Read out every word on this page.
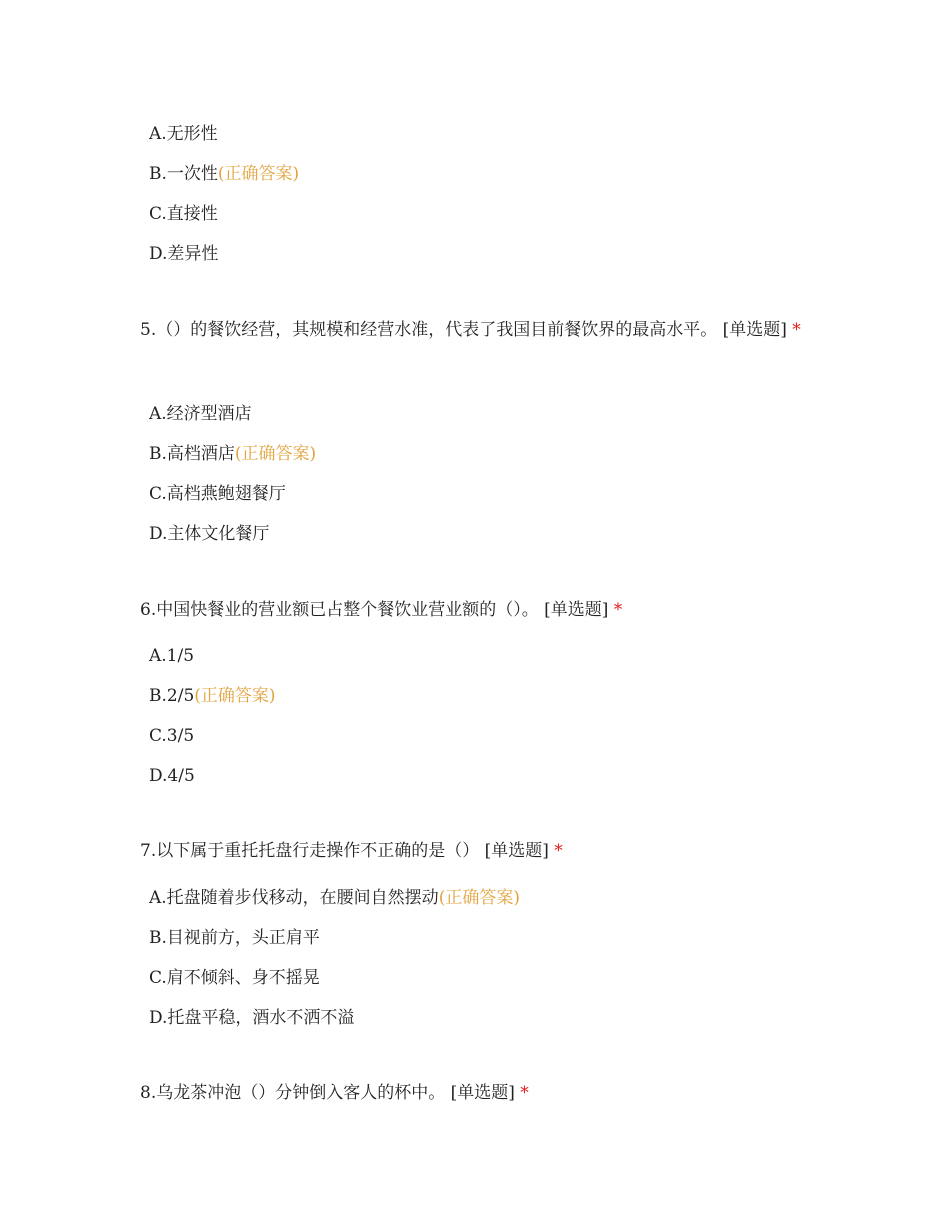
A.无形性
B.一次性(正确答案)
C.直接性
D.差异性
5.（）的餐饮经营，其规模和经营水准，代表了我国目前餐饮界的最高水平。 [单选题] *
A.经济型酒店
B.高档酒店(正确答案)
C.高档燕鲍翅餐厅
D.主体文化餐厅
6.中国快餐业的营业额已占整个餐饮业营业额的（）。 [单选题] *
A.1/5
B.2/5(正确答案)
C.3/5
D.4/5
7.以下属于重托托盘行走操作不正确的是（） [单选题] *
A.托盘随着步伐移动，在腰间自然摆动(正确答案)
B.目视前方，头正肩平
C.肩不倾斜、身不摇晃
D.托盘平稳，酒水不洒不溢
8.乌龙茶冲泡（）分钟倒入客人的杯中。 [单选题] *
